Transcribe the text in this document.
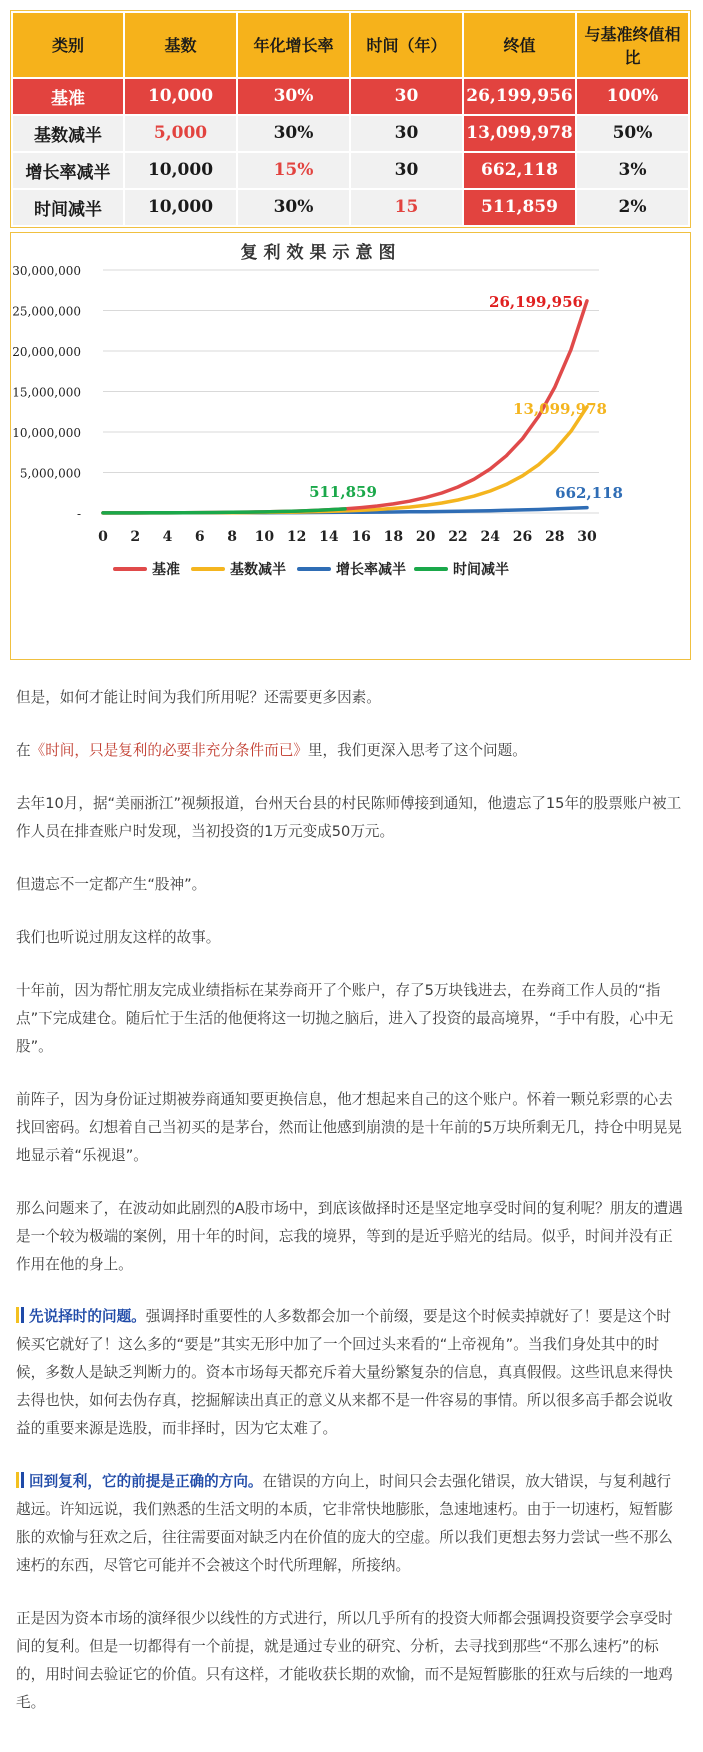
类别	基数	年化增长率	时间（年）	终值	与基准终值相比
基准	10,000	30%	30	26,199,956	100%
基数减半	5,000	30%	30	13,099,978	50%
增长率减半	10,000	15%	30	662,118	3%
时间减半	10,000	30%	15	511,859	2%
复利效果示意图
-
5,000,000
10,000,000
15,000,000
20,000,000
25,000,000
30,000,000
0 2 4 6 8 10 12 14 16 18 20 22 24 26 28 30
26,199,956
13,099,978
662,118
511,859
基准	基数减半	增长率减半	时间减半

但是，如何才能让时间为我们所用呢？还需要更多因素。

在《时间，只是复利的必要非充分条件而已》里，我们更深入思考了这个问题。

去年10月，据“美丽浙江”视频报道，台州天台县的村民陈师傅接到通知，他遗忘了15年的股票账户被工作人员在排查账户时发现，当初投资的1万元变成50万元。

但遗忘不一定都产生“股神”。

我们也听说过朋友这样的故事。

十年前，因为帮忙朋友完成业绩指标在某券商开了个账户，存了5万块钱进去，在券商工作人员的“指点”下完成建仓。随后忙于生活的他便将这一切抛之脑后，进入了投资的最高境界，“手中有股，心中无股”。

前阵子，因为身份证过期被券商通知要更换信息，他才想起来自己的这个账户。怀着一颗兑彩票的心去找回密码。幻想着自己当初买的是茅台，然而让他感到崩溃的是十年前的5万块所剩无几，持仓中明晃晃地显示着“乐视退”。

那么问题来了，在波动如此剧烈的A股市场中，到底该做择时还是坚定地享受时间的复利呢？朋友的遭遇是一个较为极端的案例，用十年的时间，忘我的境界，等到的是近乎赔光的结局。似乎，时间并没有正作用在他的身上。

先说择时的问题。强调择时重要性的人多数都会加一个前缀，要是这个时候卖掉就好了！要是这个时候买它就好了！这么多的“要是”其实无形中加了一个回过头来看的“上帝视角”。当我们身处其中的时候，多数人是缺乏判断力的。资本市场每天都充斥着大量纷繁复杂的信息，真真假假。这些讯息来得快去得也快，如何去伪存真，挖掘解读出真正的意义从来都不是一件容易的事情。所以很多高手都会说收益的重要来源是选股，而非择时，因为它太难了。

回到复利，它的前提是正确的方向。在错误的方向上，时间只会去强化错误，放大错误，与复利越行越远。许知远说，我们熟悉的生活文明的本质，它非常快地膨胀，急速地速朽。由于一切速朽，短暂膨胀的欢愉与狂欢之后，往往需要面对缺乏内在价值的庞大的空虚。所以我们更想去努力尝试一些不那么速朽的东西，尽管它可能并不会被这个时代所理解，所接纳。

正是因为资本市场的演绎很少以线性的方式进行，所以几乎所有的投资大师都会强调投资要学会享受时间的复利。但是一切都得有一个前提，就是通过专业的研究、分析，去寻找到那些“不那么速朽”的标的，用时间去验证它的价值。只有这样，才能收获长期的欢愉，而不是短暂膨胀的狂欢与后续的一地鸡毛。
